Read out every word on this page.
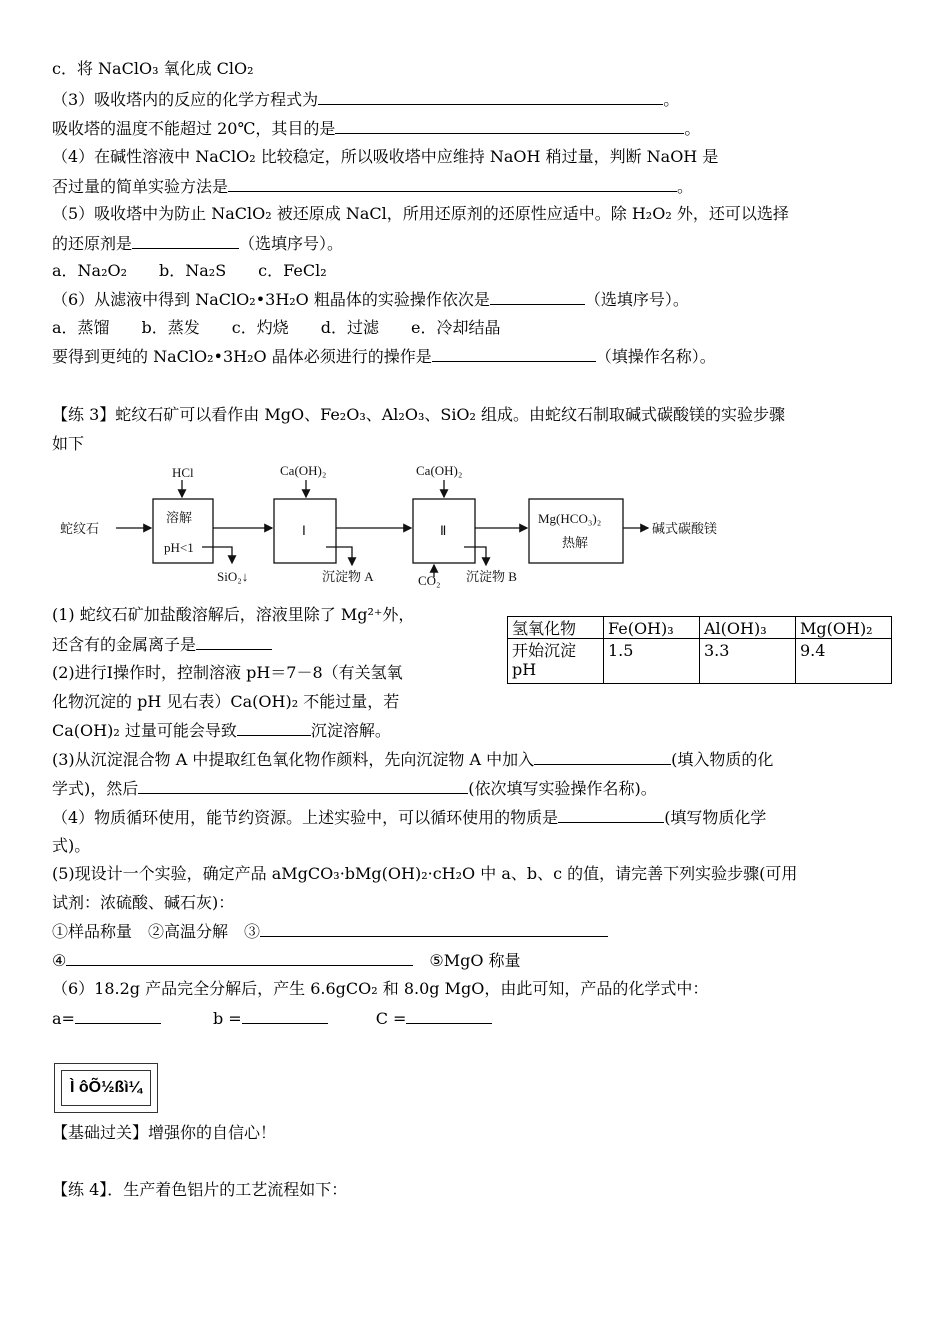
c．将 NaClO₃ 氧化成 ClO₂
（3）吸收塔内的反应的化学方程式为	。
吸收塔的温度不能超过 20℃，其目的是	。
（4）在碱性溶液中 NaClO₂ 比较稳定，所以吸收塔中应维持 NaOH 稍过量，判断 NaOH 是
否过量的简单实验方法是	。
（5）吸收塔中为防止 NaClO₂ 被还原成 NaCl，所用还原剂的还原性应适中。除 H₂O₂ 外，还可以选择
的还原剂是	（选填序号）。
a．Na₂O₂　　b．Na₂S　　c．FeCl₂
（6）从滤液中得到 NaClO₂•3H₂O 粗晶体的实验操作依次是	（选填序号）。
a．蒸馏　　b．蒸发　　c．灼烧　　d．过滤　　e．冷却结晶
要得到更纯的 NaClO₂•3H₂O 晶体必须进行的操作是	（填操作名称）。
【练 3】蛇纹石矿可以看作由 MgO、Fe₂O₃、Al₂O₃、SiO₂ 组成。由蛇纹石制取碱式碳酸镁的实验步骤
如下
蛇纹石
HCl
溶解
pH<1
SiO₂↓
Ca(OH)₂
Ⅰ
沉淀物 A
Ca(OH)₂
Ⅱ
CO₂ 沉淀物 B
Mg(HCO₃)₂
热解
碱式碳酸镁
(1) 蛇纹石矿加盐酸溶解后，溶液里除了 Mg²⁺外，
还含有的金属离子是
(2)进行Ⅰ操作时，控制溶液 pH＝7－8（有关氢氧
化物沉淀的 pH 见右表）Ca(OH)₂ 不能过量，若
Ca(OH)₂ 过量可能会导致	沉淀溶解。
氢氧化物	Fe(OH)₃	Al(OH)₃	Mg(OH)₂
开始沉淀 pH	1.5	3.3	9.4
(3)从沉淀混合物 A 中提取红色氧化物作颜料，先向沉淀物 A 中加入	(填入物质的化
学式)，然后	(依次填写实验操作名称)。
（4）物质循环使用，能节约资源。上述实验中，可以循环使用的物质是	(填写物质化学
式)。
(5)现设计一个实验，确定产品 aMgCO₃·bMg(OH)₂·cH₂O 中 a、b、c 的值，请完善下列实验步骤(可用
试剂：浓硫酸、碱石灰)：
①样品称量　②高温分解　③
④	⑤MgO 称量
（6）18.2g 产品完全分解后，产生 6.6gCO₂ 和 8.0g MgO，由此可知，产品的化学式中：
a=	b =	C =
Ì ôÕ½ßì¼
【基础过关】增强你的自信心！
【练 4】．生产着色铝片的工艺流程如下：
